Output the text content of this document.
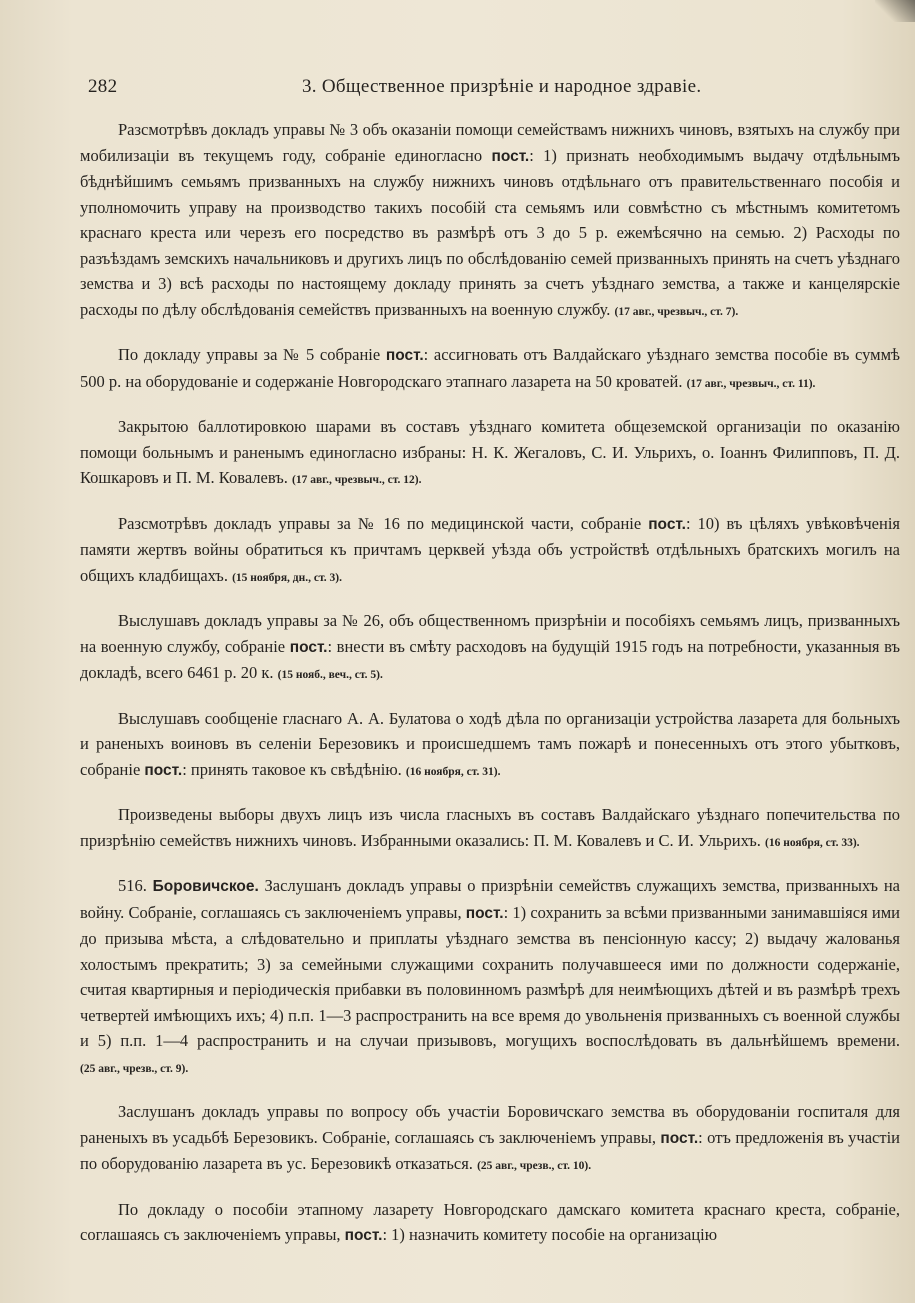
282	3. Общественное призрѣніе и народное здравіе.

Разсмотрѣвъ докладъ управы № 3 объ оказаніи помощи семействамъ нижнихъ чиновъ, взятыхъ на службу при мобилизаціи въ текущемъ году, собраніе единогласно пост.: 1) признать необходимымъ выдачу отдѣльнымъ бѣднѣйшимъ семьямъ призванныхъ на службу нижнихъ чиновъ отдѣльнаго отъ правительственнаго пособія и уполномочить управу на производство такихъ пособій ста семьямъ или совмѣстно съ мѣстнымъ комитетомъ краснаго креста или черезъ его посредство въ размѣрѣ отъ 3 до 5 р. ежемѣсячно на семью. 2) Расходы по разъѣздамъ земскихъ начальниковъ и другихъ лицъ по обслѣдованію семей призванныхъ принять на счетъ уѣзднаго земства и 3) всѣ расходы по настоящему докладу принять за счетъ уѣзднаго земства, а также и канцелярскіе расходы по дѣлу обслѣдованія семействъ призванныхъ на военную службу. (17 авг., чрезвыч., ст. 7).

По докладу управы за № 5 собраніе пост.: ассигновать отъ Валдайскаго уѣзднаго земства пособіе въ суммѣ 500 р. на оборудованіе и содержаніе Новгородскаго этапнаго лазарета на 50 кроватей. (17 авг., чрезвыч., ст. 11).

Закрытою баллотировкою шарами въ составъ уѣзднаго комитета общеземской организаціи по оказанію помощи больнымъ и раненымъ единогласно избраны: Н. К. Жегаловъ, С. И. Ульрихъ, о. Іоаннъ Филипповъ, П. Д. Кошкаровъ и П. М. Ковалевъ. (17 авг., чрезвыч., ст. 12).

Разсмотрѣвъ докладъ управы за № 16 по медицинской части, собраніе пост.: 10) въ цѣляхъ увѣковѣченія памяти жертвъ войны обратиться къ причтамъ церквей уѣзда объ устройствѣ отдѣльныхъ братскихъ могилъ на общихъ кладбищахъ. (15 ноября, дн., ст. 3).

Выслушавъ докладъ управы за № 26, объ общественномъ призрѣніи и пособіяхъ семьямъ лицъ, призванныхъ на военную службу, собраніе пост.: внести въ смѣту расходовъ на будущій 1915 годъ на потребности, указанныя въ докладѣ, всего 6461 р. 20 к. (15 нояб., веч., ст. 5).

Выслушавъ сообщеніе гласнаго А. А. Булатова о ходѣ дѣла по организаціи устройства лазарета для больныхъ и раненыхъ воиновъ въ селеніи Березовикъ и происшедшемъ тамъ пожарѣ и понесенныхъ отъ этого убытковъ, собраніе пост.: принять таковое къ свѣдѣнію. (16 ноября, ст. 31).

Произведены выборы двухъ лицъ изъ числа гласныхъ въ составъ Валдайскаго уѣзднаго попечительства по призрѣнію семействъ нижнихъ чиновъ. Избранными оказались: П. М. Ковалевъ и С. И. Ульрихъ. (16 ноября, ст. 33).

516. Боровичское. Заслушанъ докладъ управы о призрѣніи семействъ служащихъ земства, призванныхъ на войну. Собраніе, соглашаясь съ заключеніемъ управы, пост.: 1) сохранить за всѣми призванными занимавшіяся ими до призыва мѣста, а слѣдовательно и приплаты уѣзднаго земства въ пенсіонную кассу; 2) выдачу жалованья холостымъ прекратить; 3) за семейными служащими сохранить получавшееся ими по должности содержаніе, считая квартирныя и періодическія прибавки въ половинномъ размѣрѣ для неимѣющихъ дѣтей и въ размѣрѣ трехъ четвертей имѣющихъ ихъ; 4) п.п. 1—3 распространить на все время до увольненія призванныхъ съ военной службы и 5) п.п. 1—4 распространить и на случаи призывовъ, могущихъ воспослѣдовать въ дальнѣйшемъ времени. (25 авг., чрезв., ст. 9).

Заслушанъ докладъ управы по вопросу объ участіи Боровичскаго земства въ оборудованіи госпиталя для раненыхъ въ усадьбѣ Березовикъ. Собраніе, соглашаясь съ заключеніемъ управы, пост.: отъ предложенія въ участіи по оборудованію лазарета въ ус. Березовикѣ отказаться. (25 авг., чрезв., ст. 10).

По докладу о пособіи этапному лазарету Новгородскаго дамскаго комитета краснаго креста, собраніе, соглашаясь съ заключеніемъ управы, пост.: 1) назначить комитету пособіе на организацію
